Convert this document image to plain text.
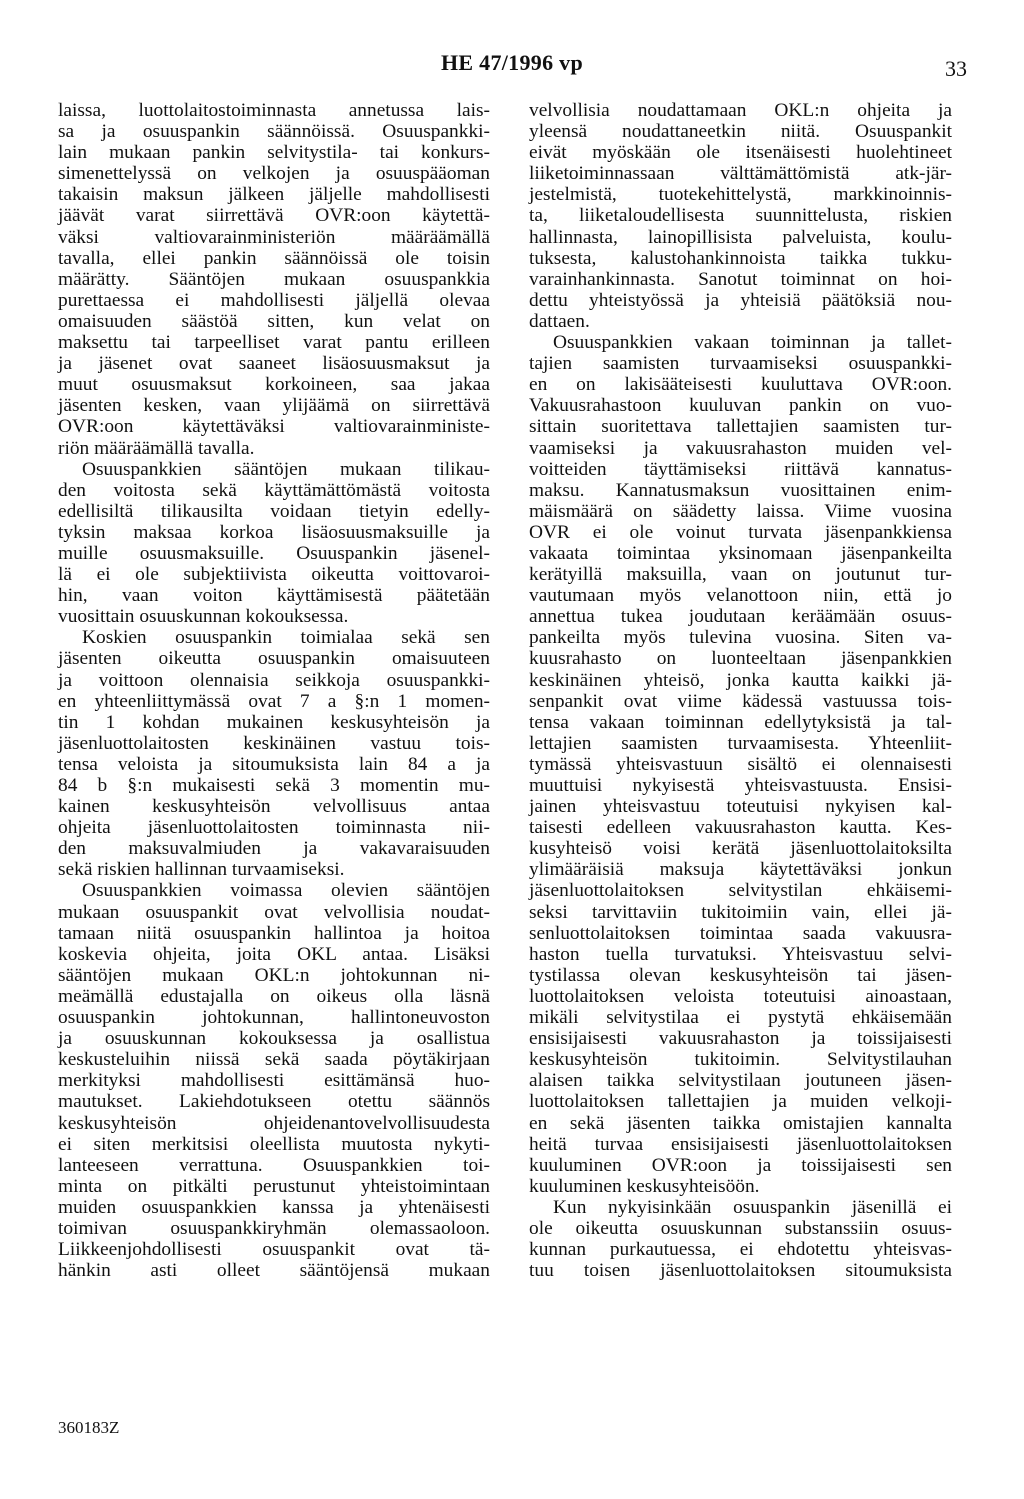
HE 47/1996 vp	33
laissa, luottolaitostoiminnasta annetussa lais-
sa ja osuuspankin säännöissä. Osuuspankki-
lain mukaan pankin selvitystila- tai konkurs-
simenettelyssä on velkojen ja osuuspääoman
takaisin maksun jälkeen jäljelle mahdollisesti
jäävät varat siirrettävä OVR:oon käytettä-
väksi valtiovarainministeriön määräämällä
tavalla, ellei pankin säännöissä ole toisin
määrätty. Sääntöjen mukaan osuuspankkia
purettaessa ei mahdollisesti jäljellä olevaa
omaisuuden säästöä sitten, kun velat on
maksettu tai tarpeelliset varat pantu erilleen
ja jäsenet ovat saaneet lisäosuusmaksut ja
muut osuusmaksut korkoineen, saa jakaa
jäsenten kesken, vaan ylijäämä on siirrettävä
OVR:oon käytettäväksi valtiovarainministe-
riön määräämällä tavalla.
Osuuspankkien sääntöjen mukaan tilikau-
den voitosta sekä käyttämättömästä voitosta
edellisiltä tilikausilta voidaan tietyin edelly-
tyksin maksaa korkoa lisäosuusmaksuille ja
muille osuusmaksuille. Osuuspankin jäsenel-
lä ei ole subjektiivista oikeutta voittovaroi-
hin, vaan voiton käyttämisestä päätetään
vuosittain osuuskunnan kokouksessa.
Koskien osuuspankin toimialaa sekä sen
jäsenten oikeutta osuuspankin omaisuuteen
ja voittoon olennaisia seikkoja osuuspankki-
en yhteenliittymässä ovat 7 a §:n 1 momen-
tin 1 kohdan mukainen keskusyhteisön ja
jäsenluottolaitosten keskinäinen vastuu tois-
tensa veloista ja sitoumuksista lain 84 a ja
84 b §:n mukaisesti sekä 3 momentin mu-
kainen keskusyhteisön velvollisuus antaa
ohjeita jäsenluottolaitosten toiminnasta nii-
den maksuvalmiuden ja vakavaraisuuden
sekä riskien hallinnan turvaamiseksi.
Osuuspankkien voimassa olevien sääntöjen
mukaan osuuspankit ovat velvollisia noudat-
tamaan niitä osuuspankin hallintoa ja hoitoa
koskevia ohjeita, joita OKL antaa. Lisäksi
sääntöjen mukaan OKL:n johtokunnan ni-
meämällä edustajalla on oikeus olla läsnä
osuuspankin johtokunnan, hallintoneuvoston
ja osuuskunnan kokouksessa ja osallistua
keskusteluihin niissä sekä saada pöytäkirjaan
merkityksi mahdollisesti esittämänsä huo-
mautukset. Lakiehdotukseen otettu säännös
keskusyhteisön ohjeidenantovelvollisuudesta
ei siten merkitsisi oleellista muutosta nykyti-
lanteeseen verrattuna. Osuuspankkien toi-
minta on pitkälti perustunut yhteistoimintaan
muiden osuuspankkien kanssa ja yhtenäisesti
toimivan osuuspankkiryhmän olemassaoloon.
Liikkeenjohdollisesti osuuspankit ovat tä-
hänkin asti olleet sääntöjensä mukaan
velvollisia noudattamaan OKL:n ohjeita ja
yleensä noudattaneetkin niitä. Osuuspankit
eivät myöskään ole itsenäisesti huolehtineet
liiketoiminnassaan välttämättömistä atk-jär-
jestelmistä, tuotekehittelystä, markkinoinnis-
ta, liiketaloudellisesta suunnittelusta, riskien
hallinnasta, lainopillisista palveluista, koulu-
tuksesta, kalustohankinnoista taikka tukku-
varainhankinnasta. Sanotut toiminnat on hoi-
dettu yhteistyössä ja yhteisiä päätöksiä nou-
dattaen.
Osuuspankkien vakaan toiminnan ja tallet-
tajien saamisten turvaamiseksi osuuspankki-
en on lakisääteisesti kuuluttava OVR:oon.
Vakuusrahastoon kuuluvan pankin on vuo-
sittain suoritettava tallettajien saamisten tur-
vaamiseksi ja vakuusrahaston muiden vel-
voitteiden täyttämiseksi riittävä kannatus-
maksu. Kannatusmaksun vuosittainen enim-
mäismäärä on säädetty laissa. Viime vuosina
OVR ei ole voinut turvata jäsenpankkiensa
vakaata toimintaa yksinomaan jäsenpankeilta
kerätyillä maksuilla, vaan on joutunut tur-
vautumaan myös velanottoon niin, että jo
annettua tukea joudutaan keräämään osuus-
pankeilta myös tulevina vuosina. Siten va-
kuusrahasto on luonteeltaan jäsenpankkien
keskinäinen yhteisö, jonka kautta kaikki jä-
senpankit ovat viime kädessä vastuussa tois-
tensa vakaan toiminnan edellytyksistä ja tal-
lettajien saamisten turvaamisesta. Yhteenliit-
tymässä yhteisvastuun sisältö ei olennaisesti
muuttuisi nykyisestä yhteisvastuusta. Ensisi-
jainen yhteisvastuu toteutuisi nykyisen kal-
taisesti edelleen vakuusrahaston kautta. Kes-
kusyhteisö voisi kerätä jäsenluottolaitoksilta
ylimääräisiä maksuja käytettäväksi jonkun
jäsenluottolaitoksen selvitystilan ehkäisemi-
seksi tarvittaviin tukitoimiin vain, ellei jä-
senluottolaitoksen toimintaa saada vakuusra-
haston tuella turvatuksi. Yhteisvastuu selvi-
tystilassa olevan keskusyhteisön tai jäsen-
luottolaitoksen veloista toteutuisi ainoastaan,
mikäli selvitystilaa ei pystytä ehkäisemään
ensisijaisesti vakuusrahaston ja toissijaisesti
keskusyhteisön tukitoimin. Selvitystilauhan
alaisen taikka selvitystilaan joutuneen jäsen-
luottolaitoksen tallettajien ja muiden velkoji-
en sekä jäsenten taikka omistajien kannalta
heitä turvaa ensisijaisesti jäsenluottolaitoksen
kuuluminen OVR:oon ja toissijaisesti sen
kuuluminen keskusyhteisöön.
Kun nykyisinkään osuuspankin jäsenillä ei
ole oikeutta osuuskunnan substanssiin osuus-
kunnan purkautuessa, ei ehdotettu yhteisvas-
tuu toisen jäsenluottolaitoksen sitoumuksista
360183Z
